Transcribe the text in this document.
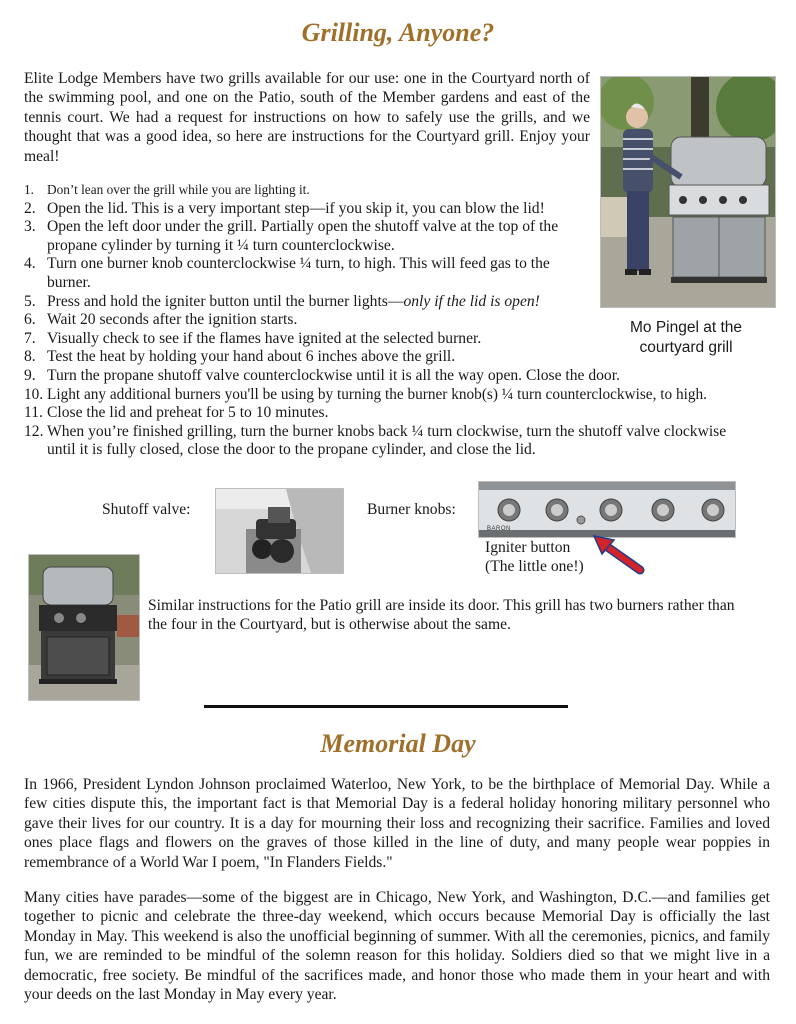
Grilling, Anyone?

Elite Lodge Members have two grills available for our use: one in the Courtyard north of the swimming pool, and one on the Patio, south of the Member gardens and east of the tennis court. We had a request for instructions on how to safely use the grills, and we thought that was a good idea, so here are instructions for the Courtyard grill. Enjoy your meal!

Mo Pingel at the courtyard grill
1. Don’t lean over the grill while you are lighting it.
2. Open the lid. This is a very important step—if you skip it, you can blow the lid!
3. Open the left door under the grill. Partially open the shutoff valve at the top of the propane cylinder by turning it ¼ turn counterclockwise.
4. Turn one burner knob counterclockwise ¼ turn, to high. This will feed gas to the burner.
5. Press and hold the igniter button until the burner lights—only if the lid is open!
6. Wait 20 seconds after the ignition starts.
7. Visually check to see if the flames have ignited at the selected burner.
8. Test the heat by holding your hand about 6 inches above the grill.
9. Turn the propane shutoff valve counterclockwise until it is all the way open. Close the door.
10. Light any additional burners you'll be using by turning the burner knob(s) ¼ turn counterclockwise, to high.
11. Close the lid and preheat for 5 to 10 minutes.
12. When you’re finished grilling, turn the burner knobs back ¼ turn clockwise, turn the shutoff valve clockwise until it is fully closed, close the door to the propane cylinder, and close the lid.
Shutoff valve:	Burner knobs:
BARON
Igniter button
(The little one!)

Similar instructions for the Patio grill are inside its door. This grill has two burners rather than the four in the Courtyard, but is otherwise about the same.

Memorial Day

In 1966, President Lyndon Johnson proclaimed Waterloo, New York, to be the birthplace of Memorial Day. While a few cities dispute this, the important fact is that Memorial Day is a federal holiday honoring military personnel who gave their lives for our country. It is a day for mourning their loss and recognizing their sacrifice. Families and loved ones place flags and flowers on the graves of those killed in the line of duty, and many people wear poppies in remembrance of a World War I poem, "In Flanders Fields."

Many cities have parades—some of the biggest are in Chicago, New York, and Washington, D.C.—and families get together to picnic and celebrate the three-day weekend, which occurs because Memorial Day is officially the last Monday in May. This weekend is also the unofficial beginning of summer. With all the ceremonies, picnics, and family fun, we are reminded to be mindful of the solemn reason for this holiday. Soldiers died so that we might live in a democratic, free society. Be mindful of the sacrifices made, and honor those who made them in your heart and with your deeds on the last Monday in May every year.
